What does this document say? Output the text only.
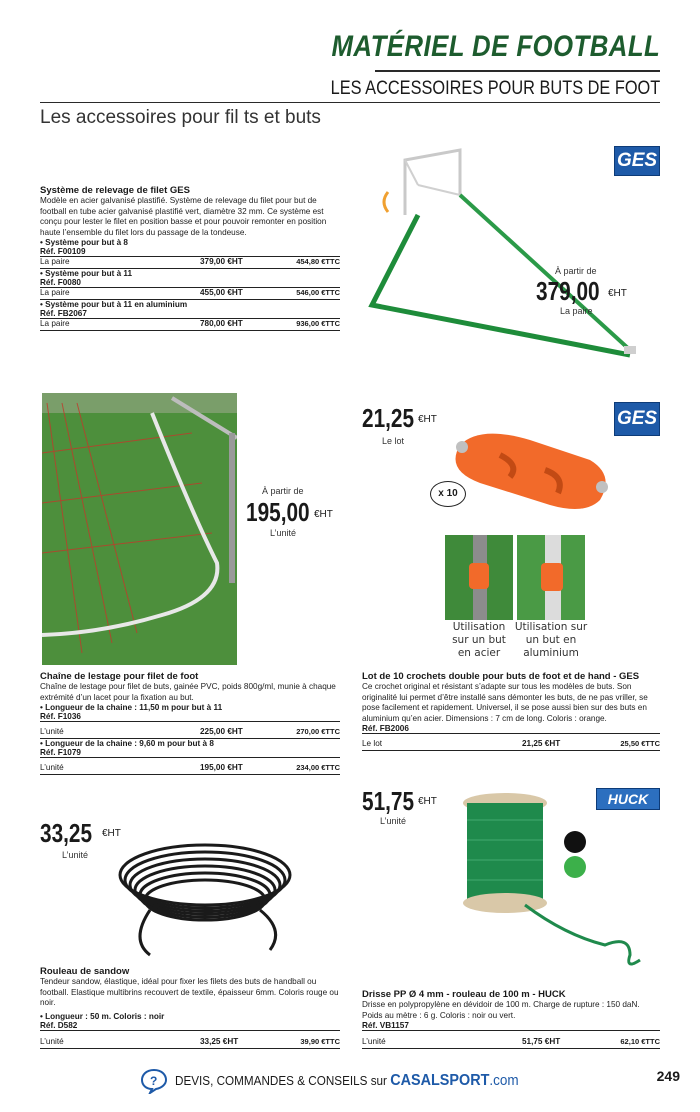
MATÉRIEL DE FOOTBALL
LES ACCESSOIRES POUR BUTS DE FOOT
Les accessoires pour fil ts et buts
Système de relevage de filet GES
Modèle en acier galvanisé plastifié. Système de relevage du filet pour but de football en tube acier galvanisé plastifié vert, diamètre 32 mm. Ce système est conçu pour lester le filet en position basse et pour pouvoir remonter en position haute l’ensemble du filet lors du passage de la tondeuse.
• Système pour but à 8
Réf. F00109
La paire	379,00 €HT	454,80 €TTC
• Système pour but à 11
Réf. F0080
La paire	455,00 €HT	546,00 €TTC
• Système pour but à 11 en aluminium
Réf. FB2067
La paire	780,00 €HT	936,00 €TTC
GES
À partir de
379,00 €HT
La paire
À partir de
195,00 €HT
L’unité
Chaîne de lestage pour filet de foot
Chaîne de lestage pour filet de buts, gainée PVC, poids 800g/ml, munie à chaque extrémité d’un lacet pour la fixation au but.
• Longueur de la chaine : 11,50 m pour but à 11
Réf. F1036
L’unité	225,00 €HT	270,00 €TTC
• Longueur de la chaine : 9,60 m pour but à 8
Réf. F1079
L’unité	195,00 €HT	234,00 €TTC
21,25 €HT
Le lot
GES
x 10
Utilisation sur un but en acier
Utilisation sur un but en aluminium
Lot de 10 crochets double pour buts de foot et de hand - GES
Ce crochet original et résistant s’adapte sur tous les modèles de buts. Son originalité lui permet d’être installé sans démonter les buts, de ne pas vriller, se pose facilement et rapidement. Universel, il se pose aussi bien sur des buts en aluminium qu’en acier. Dimensions : 7 cm de long. Coloris : orange.
Réf. FB2006
Le lot	21,25 €HT	25,50 €TTC
33,25 €HT
L’unité
Rouleau de sandow
Tendeur sandow, élastique, idéal pour fixer les filets des buts de handball ou football. Elastique multibrins recouvert de textile, épaisseur 6mm. Coloris rouge ou noir.
• Longueur : 50 m. Coloris : noir
Réf. D582
L’unité	33,25 €HT	39,90 €TTC
51,75 €HT
L’unité
HUCK
Drisse PP Ø 4 mm - rouleau de 100 m - HUCK
Drisse en polypropylène en dévidoir de 100 m. Charge de rupture : 150 daN. Poids au mètre : 6 g. Coloris : noir ou vert.
Réf. VB1157
L’unité	51,75 €HT	62,10 €TTC
? DEVIS, COMMANDES & CONSEILS sur CASALSPORT.com	249
